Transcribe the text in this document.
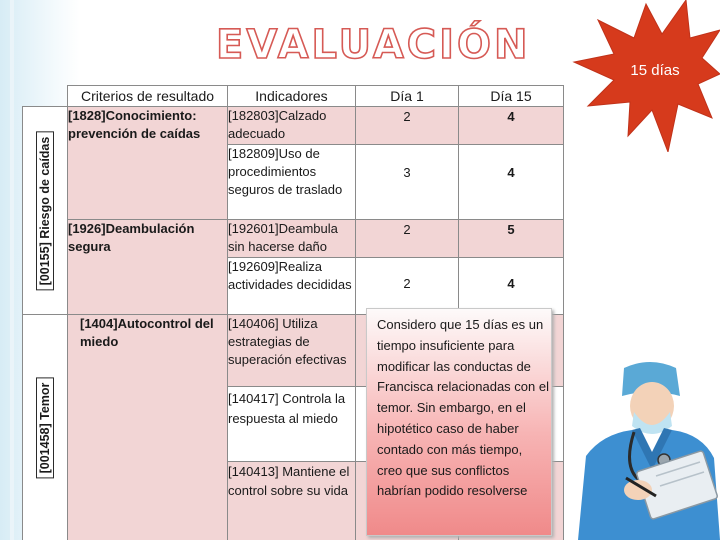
EVALUACIÓN
15 días
	Criterios de resultado	Indicadores	Día 1	Día 15

[00155] Riesgo de caídas	[1828]Conocimiento: prevención de caídas	[182803]Calzado adecuado	2	4
		[182809]Uso de procedimientos seguros de traslado	3	4
	[1926]Deambulación segura	[192601]Deambula sin hacerse daño	2	5
		[192609]Realiza actividades decididas	2	4

[001458] Temor	[1404]Autocontrol del miedo	[140406] Utiliza estrategias de superación efectivas		
		[140417] Controla la respuesta al miedo		
		[140413] Mantiene el control sobre su vida		
Considero que 15 días es un tiempo insuficiente para modificar las conductas de Francisca relacionadas con el temor. Sin embargo, en el hipotético caso de haber contado con más tiempo, creo que sus conflictos habrían podido resolverse
